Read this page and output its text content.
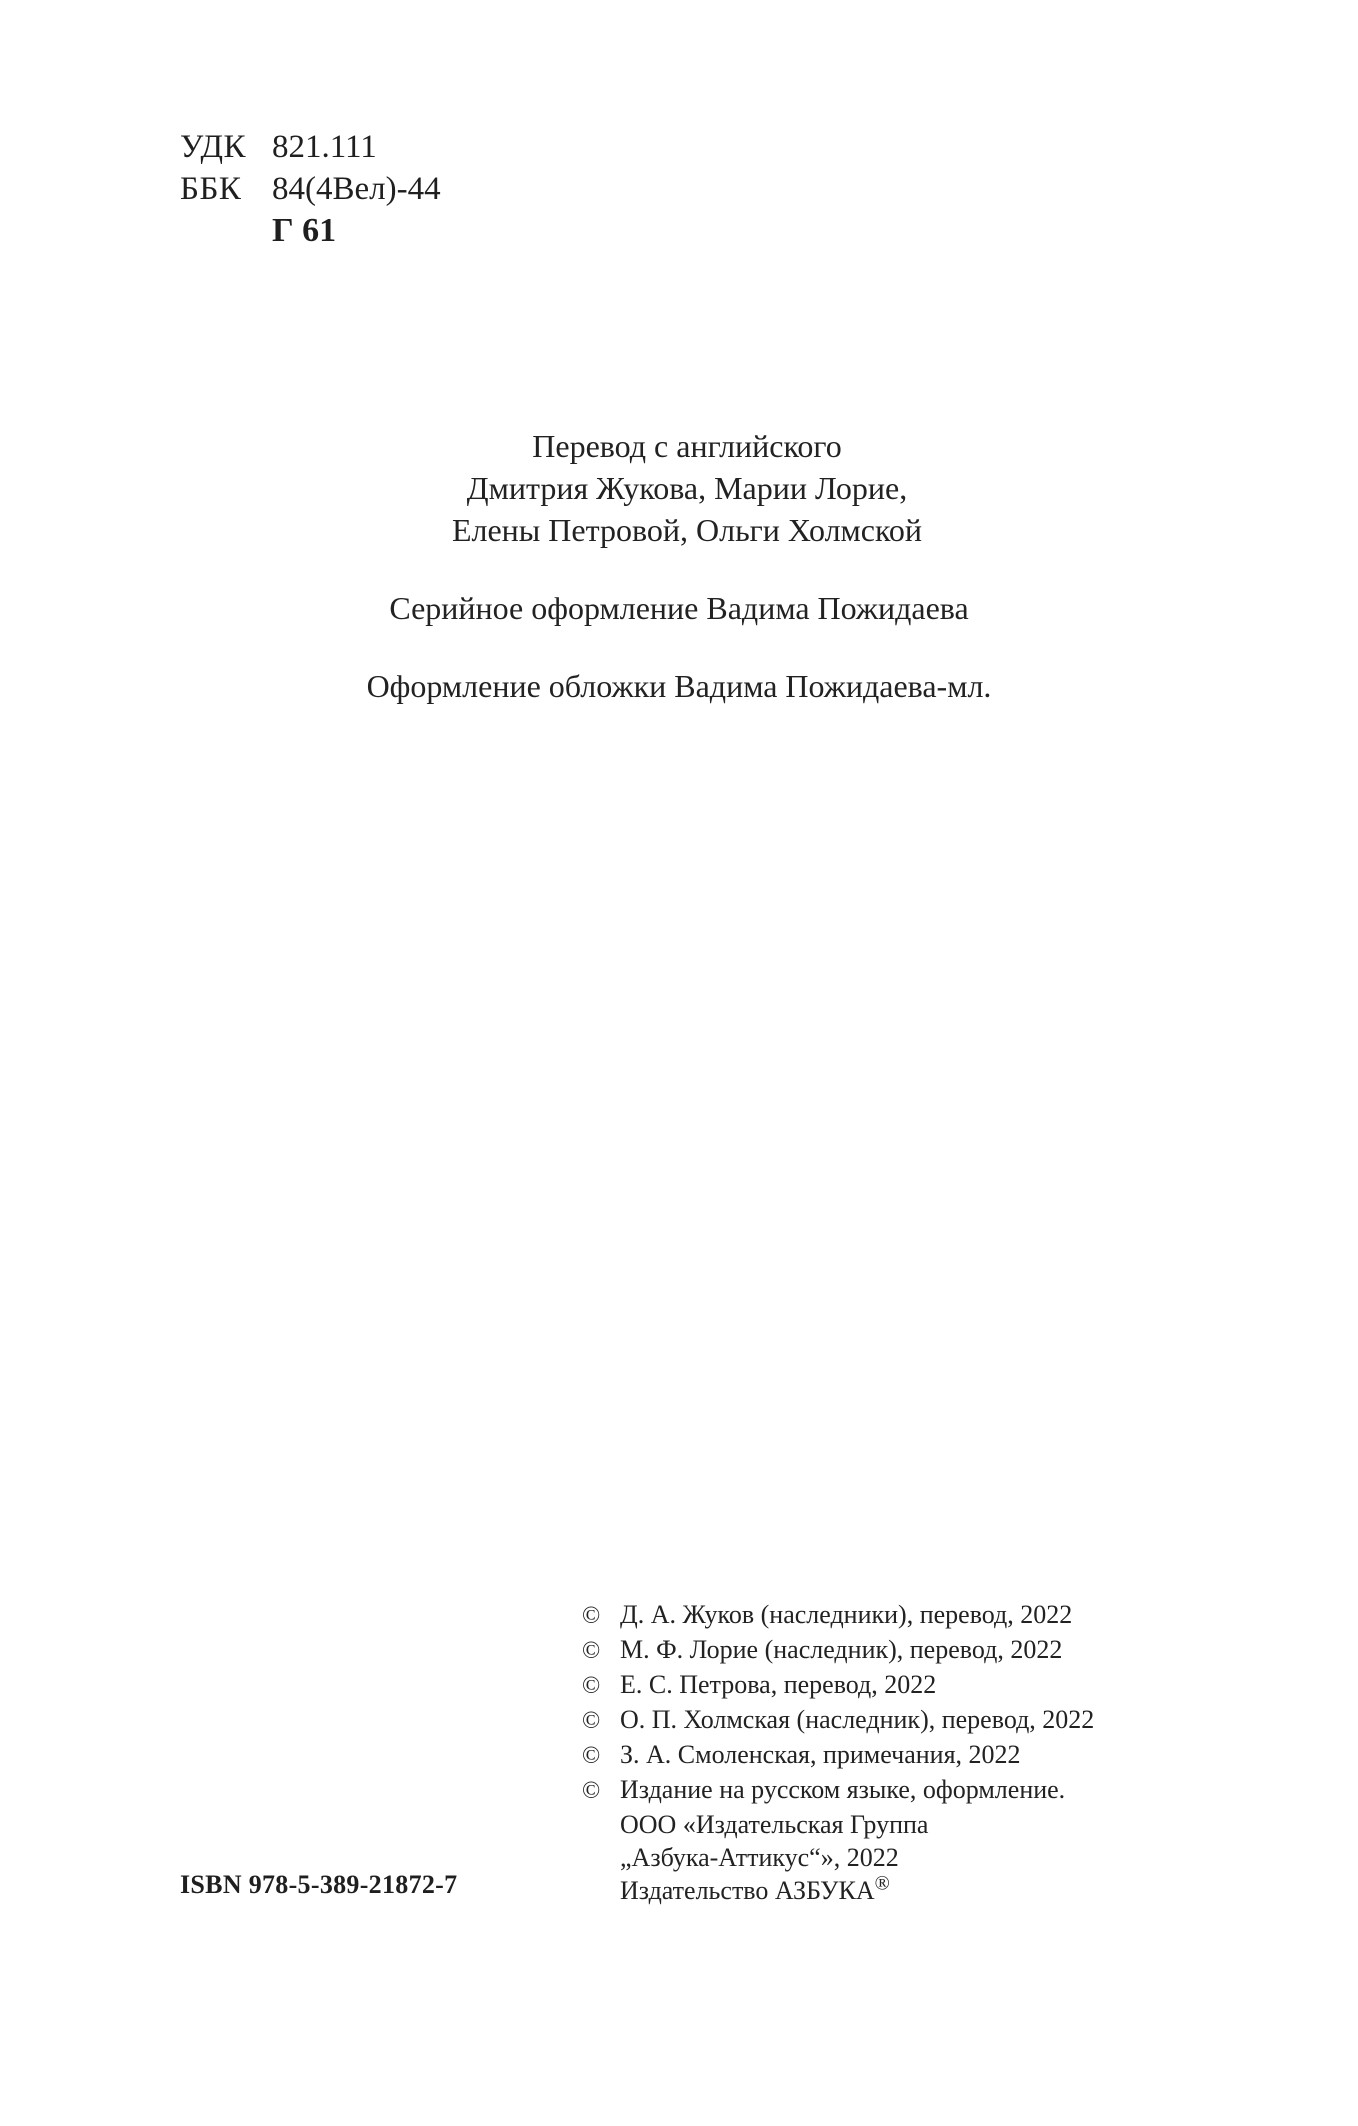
УДК 821.111
ББК 84(4Вел)-44
Г 61

Перевод с английского

Дмитрия Жукова, Марии Лорие,

Елены Петровой, Ольги Холмской

Серийное оформление Вадима Пожидаева
Оформление обложки Вадима Пожидаева-мл.
ISBN 978-5-389-21872-7
© Д. А. Жуков (наследники), перевод, 2022
© М. Ф. Лорие (наследник), перевод, 2022
© Е. С. Петрова, перевод, 2022
© О. П. Холмская (наследник), перевод, 2022
© З. А. Смоленская, примечания, 2022
© Издание на русском языке, оформление.
ООО «Издательская Группа
„Азбука-Аттикус“», 2022
Издательство АЗБУКА®
